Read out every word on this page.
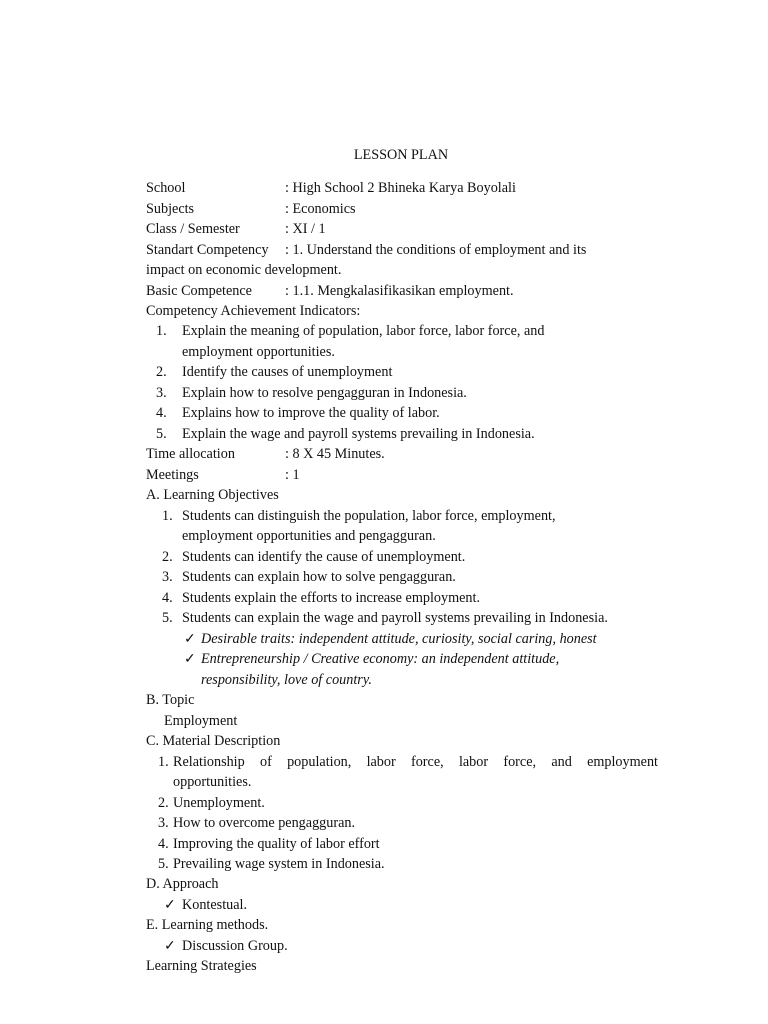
LESSON PLAN
School	: High School 2 Bhineka Karya Boyolali
Subjects	: Economics
Class / Semester	: XI / 1
Standart Competency : 1. Understand the conditions of employment and its
impact on economic development.
Basic Competence : 1.1. Mengkalasifikasikan employment.
Competency Achievement Indicators:
1. Explain the meaning of population, labor force, labor force, and
employment opportunities.
2. Identify the causes of unemployment
3. Explain how to resolve pengagguran in Indonesia.
4. Explains how to improve the quality of labor.
5. Explain the wage and payroll systems prevailing in Indonesia.
Time allocation	: 8 X 45 Minutes.
Meetings	: 1
A. Learning Objectives
1. Students can distinguish the population, labor force, employment,
employment opportunities and pengagguran.
2. Students can identify the cause of unemployment.
3. Students can explain how to solve pengagguran.
4. Students explain the efforts to increase employment.
5. Students can explain the wage and payroll systems prevailing in Indonesia.
✓ Desirable traits: independent attitude, curiosity, social caring, honest
✓ Entrepreneurship / Creative economy: an independent attitude,
responsibility, love of country.
B. Topic
Employment
C. Material Description
1. Relationship of population, labor force, labor force, and employment
opportunities.
2. Unemployment.
3. How to overcome pengagguran.
4. Improving the quality of labor effort
5. Prevailing wage system in Indonesia.
D. Approach
✓ Kontestual.
E. Learning methods.
✓ Discussion Group.
Learning Strategies
